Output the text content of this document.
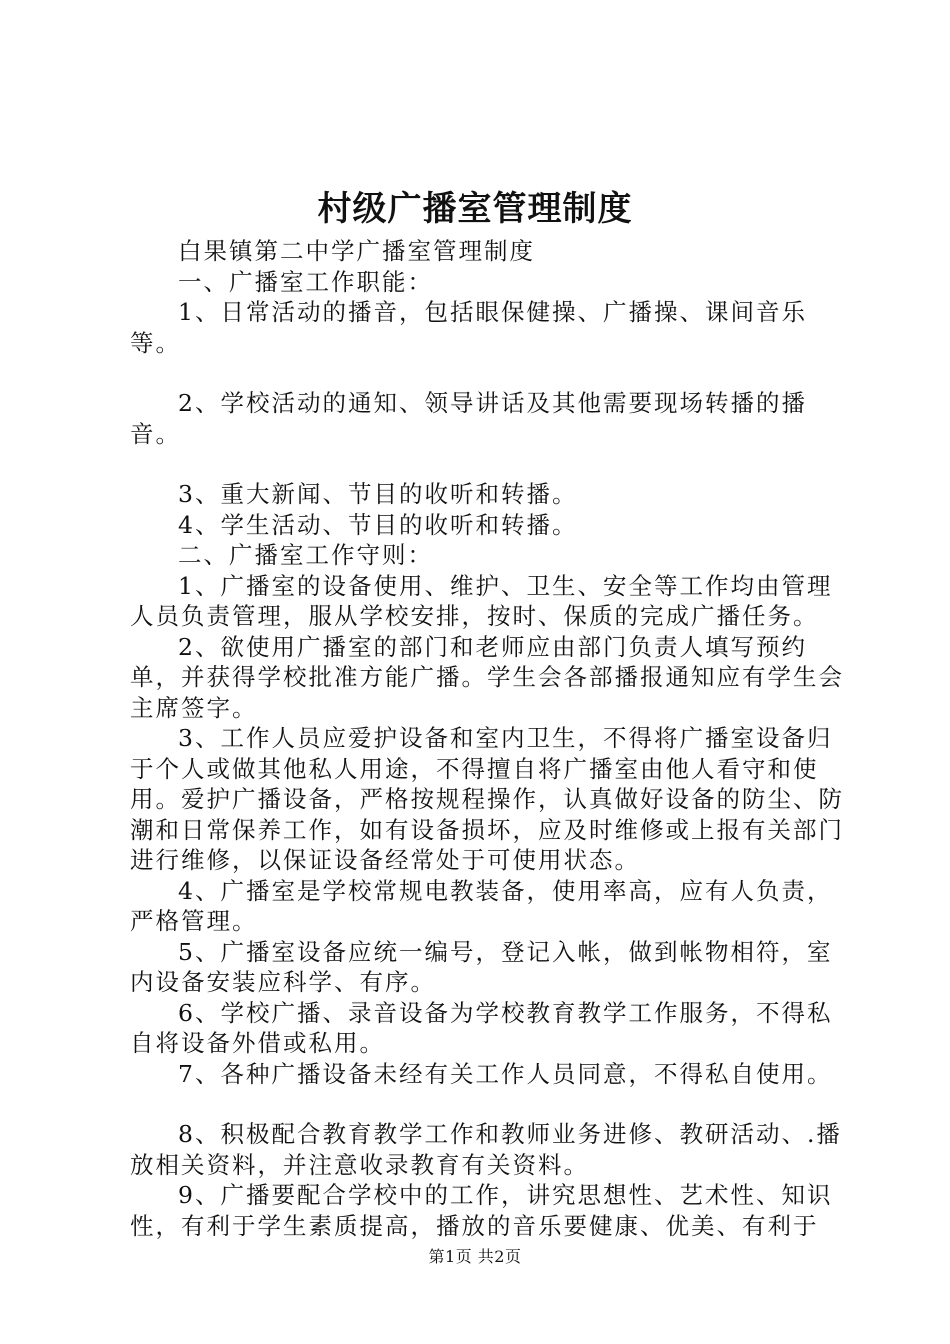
村级广播室管理制度

白果镇第二中学广播室管理制度

一、广播室工作职能：

1、日常活动的播音，包括眼保健操、广播操、课间音乐等。

2、学校活动的通知、领导讲话及其他需要现场转播的播音。

3、重大新闻、节目的收听和转播。

4、学生活动、节目的收听和转播。

二、广播室工作守则：

1、广播室的设备使用、维护、卫生、安全等工作均由管理人员负责管理，服从学校安排，按时、保质的完成广播任务。

2、欲使用广播室的部门和老师应由部门负责人填写预约单，并获得学校批准方能广播。学生会各部播报通知应有学生会主席签字。

3、工作人员应爱护设备和室内卫生，不得将广播室设备归于个人或做其他私人用途，不得擅自将广播室由他人看守和使用。爱护广播设备，严格按规程操作，认真做好设备的防尘、防潮和日常保养工作，如有设备损坏，应及时维修或上报有关部门进行维修，以保证设备经常处于可使用状态。

4、广播室是学校常规电教装备，使用率高，应有人负责，严格管理。

5、广播室设备应统一编号，登记入帐，做到帐物相符，室内设备安装应科学、有序。

6、学校广播、录音设备为学校教育教学工作服务，不得私自将设备外借或私用。

7、各种广播设备未经有关工作人员同意，不得私自使用。

8、积极配合教育教学工作和教师业务进修、教研活动、.播放相关资料，并注意收录教育有关资料。

9、广播要配合学校中的工作，讲究思想性、艺术性、知识性，有利于学生素质提高，播放的音乐要健康、优美、有利于

第1页 共2页
